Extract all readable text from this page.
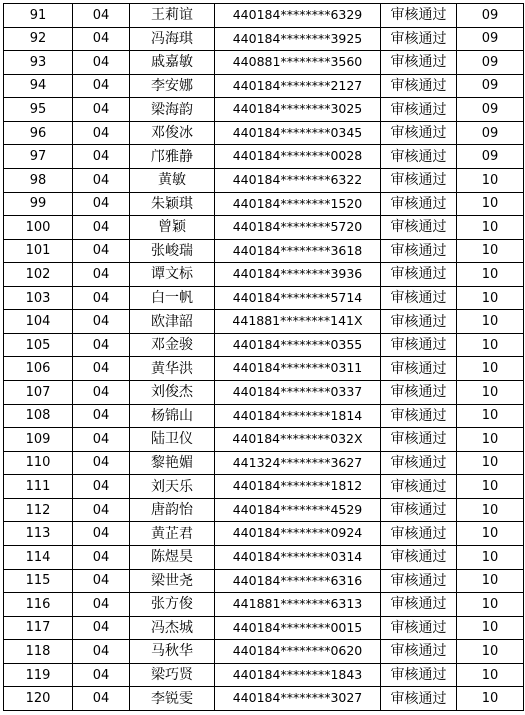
91	04	王莉谊	440184********6329	审核通过	09
92	04	冯海琪	440184********3925	审核通过	09
93	04	戚嘉敏	440881********3560	审核通过	09
94	04	李安娜	440184********2127	审核通过	09
95	04	梁海韵	440184********3025	审核通过	09
96	04	邓俊冰	440184********0345	审核通过	09
97	04	邝雅静	440184********0028	审核通过	09
98	04	黄敏	440184********6322	审核通过	10
99	04	朱颖琪	440184********1520	审核通过	10
100	04	曾颖	440184********5720	审核通过	10
101	04	张峻瑞	440184********3618	审核通过	10
102	04	谭文标	440184********3936	审核通过	10
103	04	白一帆	440184********5714	审核通过	10
104	04	欧津韶	441881********141X	审核通过	10
105	04	邓金骏	440184********0355	审核通过	10
106	04	黄华洪	440184********0311	审核通过	10
107	04	刘俊杰	440184********0337	审核通过	10
108	04	杨锦山	440184********1814	审核通过	10
109	04	陆卫仪	440184********032X	审核通过	10
110	04	黎艳媚	441324********3627	审核通过	10
111	04	刘天乐	440184********1812	审核通过	10
112	04	唐韵怡	440184********4529	审核通过	10
113	04	黄芷君	440184********0924	审核通过	10
114	04	陈煜昊	440184********0314	审核通过	10
115	04	梁世尧	440184********6316	审核通过	10
116	04	张方俊	441881********6313	审核通过	10
117	04	冯杰城	440184********0015	审核通过	10
118	04	马秋华	440184********0620	审核通过	10
119	04	梁巧贤	440184********1843	审核通过	10
120	04	李锐雯	440184********3027	审核通过	10
